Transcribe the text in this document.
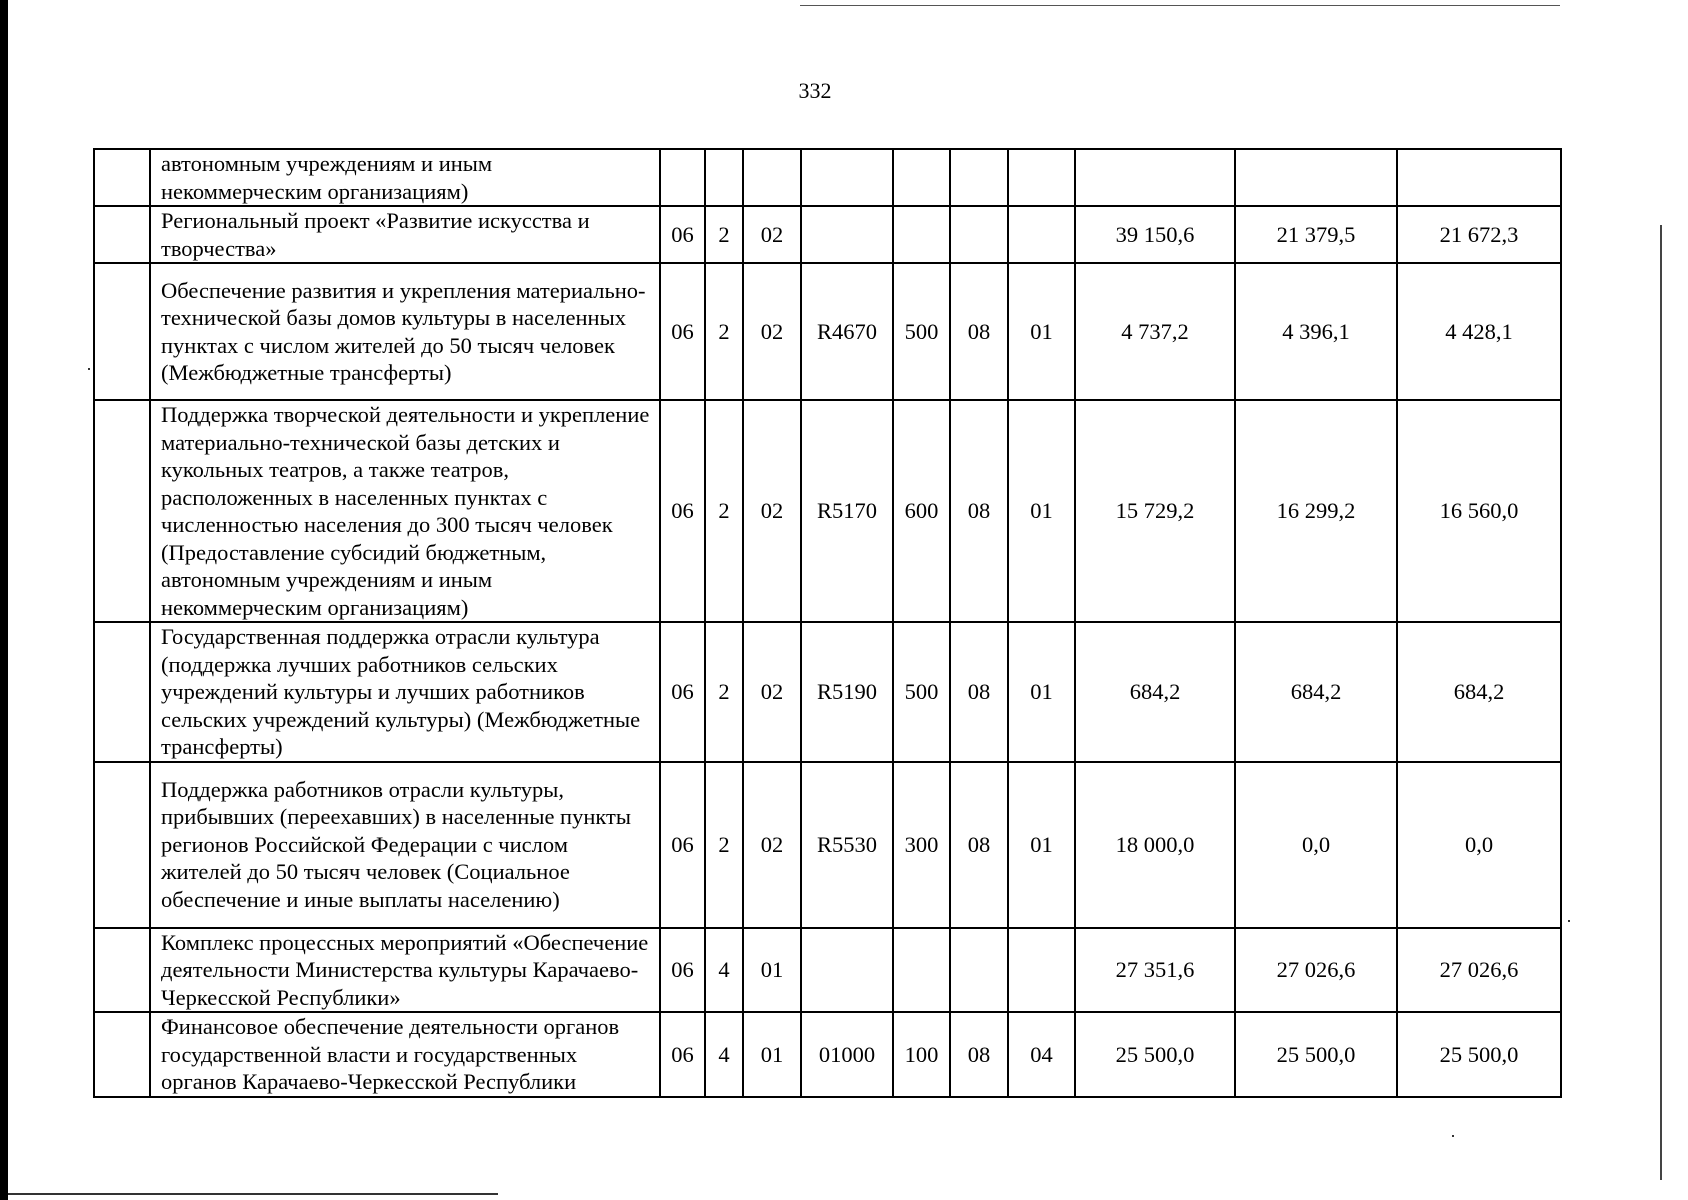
332
	автономным учреждениям и иным некоммерческим организациям)										
	Региональный проект «Развитие искусства и творчества»	06	2	02					39 150,6	21 379,5	21 672,3
	Обеспечение развития и укрепления материально-технической базы домов культуры в населенных пунктах с числом жителей до 50 тысяч человек (Межбюджетные трансферты)	06	2	02	R4670	500	08	01	4 737,2	4 396,1	4 428,1
	Поддержка творческой деятельности и укрепление материально-технической базы детских и кукольных театров, а также театров, расположенных в населенных пунктах с численностью населения до 300 тысяч человек (Предоставление субсидий бюджетным, автономным учреждениям и иным некоммерческим организациям)	06	2	02	R5170	600	08	01	15 729,2	16 299,2	16 560,0
	Государственная поддержка отрасли культура (поддержка лучших работников сельских учреждений культуры и лучших работников сельских учреждений культуры) (Межбюджетные трансферты)	06	2	02	R5190	500	08	01	684,2	684,2	684,2
	Поддержка работников отрасли культуры, прибывших (переехавших) в населенные пункты регионов Российской Федерации с числом жителей до 50 тысяч человек (Социальное обеспечение и иные выплаты населению)	06	2	02	R5530	300	08	01	18 000,0	0,0	0,0
	Комплекс процессных мероприятий «Обеспечение деятельности Министерства культуры Карачаево-Черкесской Республики»	06	4	01					27 351,6	27 026,6	27 026,6
	Финансовое обеспечение деятельности органов государственной власти и государственных органов Карачаево-Черкесской Республики	06	4	01	01000	100	08	04	25 500,0	25 500,0	25 500,0
